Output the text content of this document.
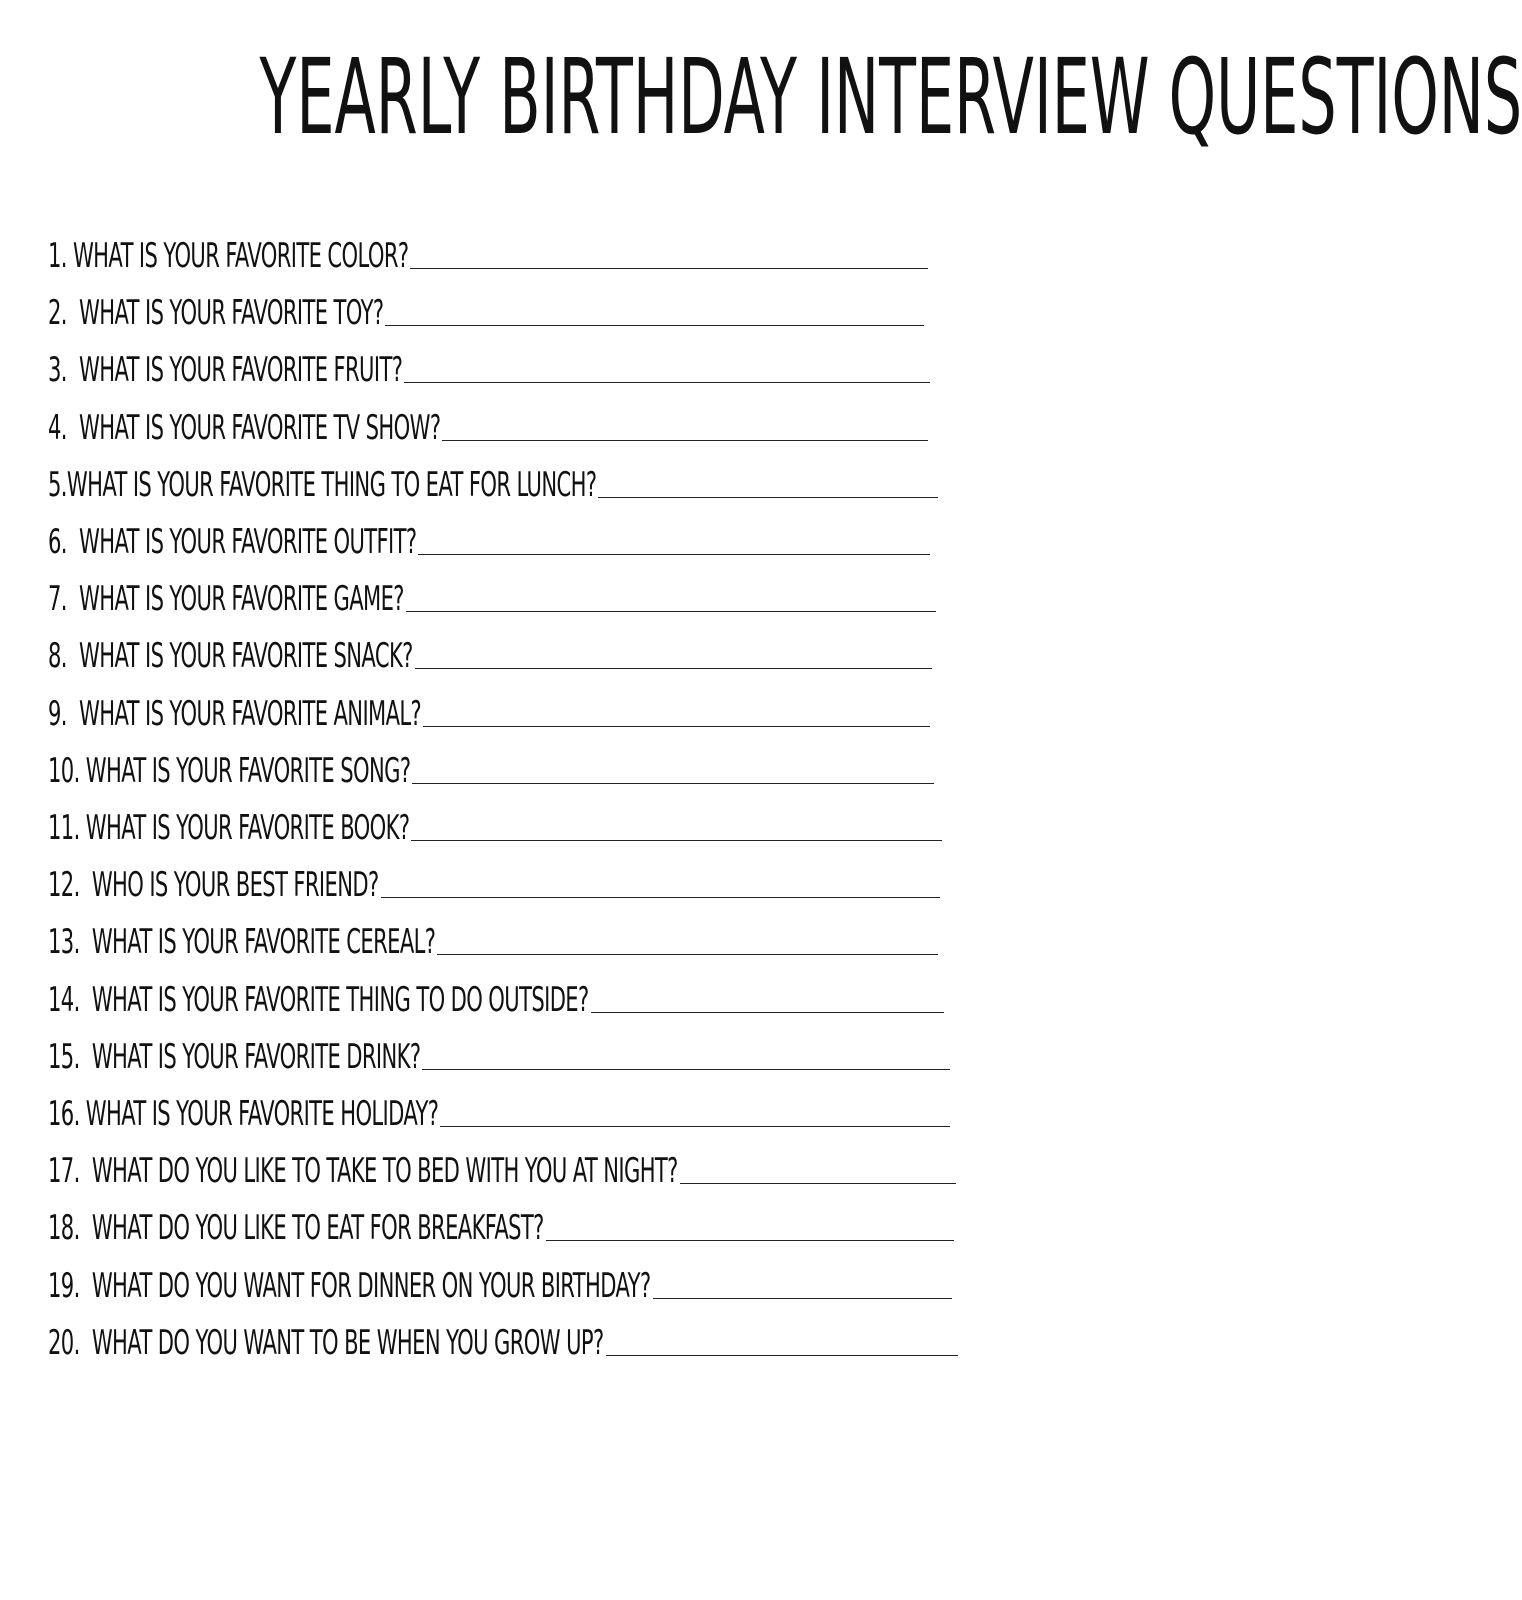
YEARLY BIRTHDAY INTERVIEW QUESTIONS
1. WHAT IS YOUR FAVORITE COLOR?
2.  WHAT IS YOUR FAVORITE TOY?
3.  WHAT IS YOUR FAVORITE FRUIT?
4.  WHAT IS YOUR FAVORITE TV SHOW?
5.WHAT IS YOUR FAVORITE THING TO EAT FOR LUNCH?
6.  WHAT IS YOUR FAVORITE OUTFIT?
7.  WHAT IS YOUR FAVORITE GAME?
8.  WHAT IS YOUR FAVORITE SNACK?
9.  WHAT IS YOUR FAVORITE ANIMAL?
10. WHAT IS YOUR FAVORITE SONG?
11. WHAT IS YOUR FAVORITE BOOK?
12.  WHO IS YOUR BEST FRIEND?
13.  WHAT IS YOUR FAVORITE CEREAL?
14.  WHAT IS YOUR FAVORITE THING TO DO OUTSIDE?
15.  WHAT IS YOUR FAVORITE DRINK?
16. WHAT IS YOUR FAVORITE HOLIDAY?
17.  WHAT DO YOU LIKE TO TAKE TO BED WITH YOU AT NIGHT?
18.  WHAT DO YOU LIKE TO EAT FOR BREAKFAST?
19.  WHAT DO YOU WANT FOR DINNER ON YOUR BIRTHDAY?
20.  WHAT DO YOU WANT TO BE WHEN YOU GROW UP?
